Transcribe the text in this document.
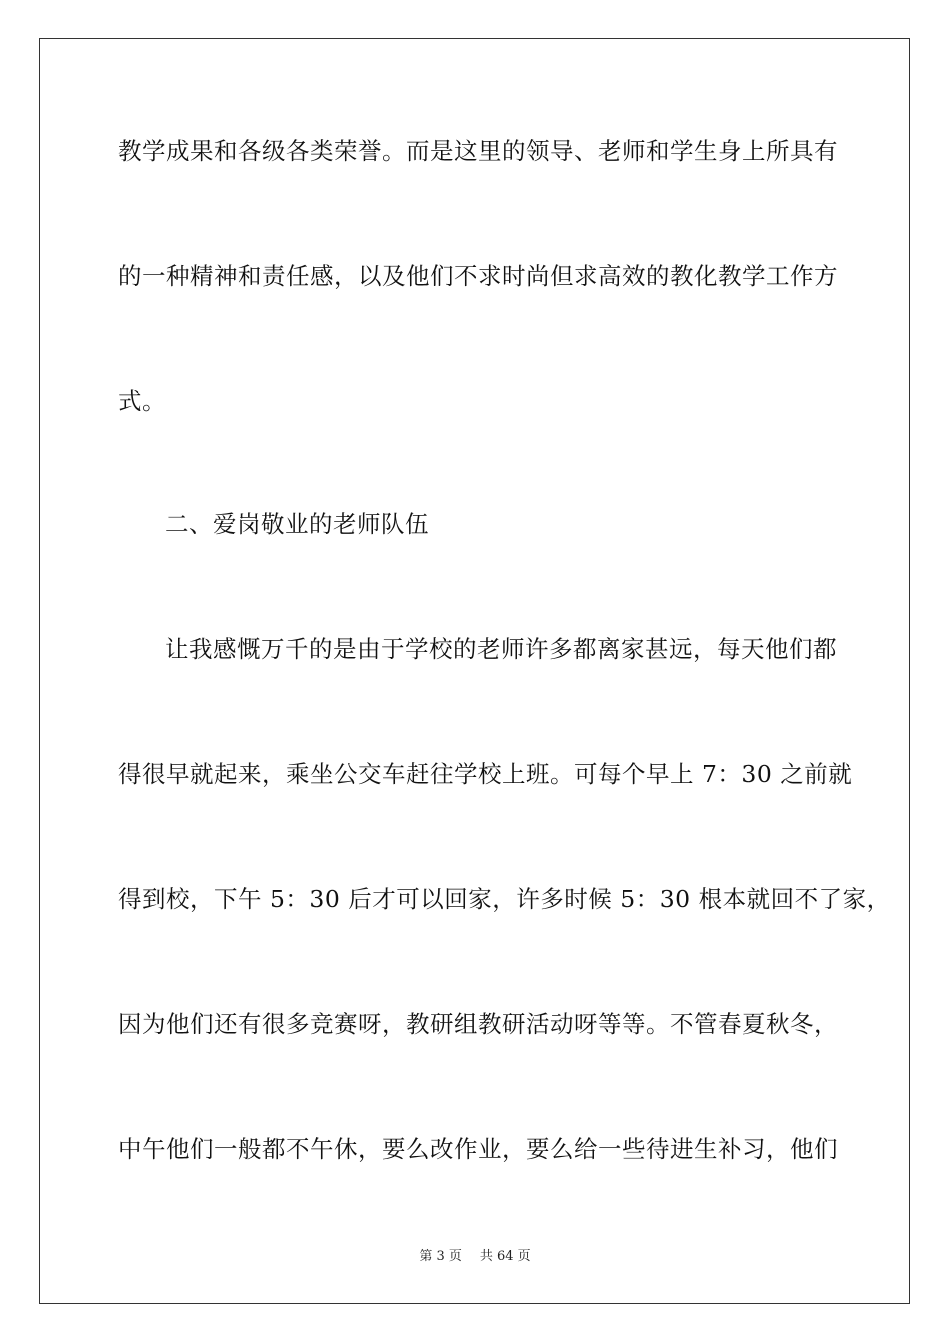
教学成果和各级各类荣誉。而是这里的领导、老师和学生身上所具有
的一种精神和责任感，以及他们不求时尚但求高效的教化教学工作方
式。
二、爱岗敬业的老师队伍
让我感慨万千的是由于学校的老师许多都离家甚远，每天他们都
得很早就起来，乘坐公交车赶往学校上班。可每个早上 7：30 之前就
得到校，下午 5：30 后才可以回家，许多时候 5：30 根本就回不了家，
因为他们还有很多竞赛呀，教研组教研活动呀等等。不管春夏秋冬，
中午他们一般都不午休，要么改作业，要么给一些待进生补习，他们
第 3 页 共 64 页
